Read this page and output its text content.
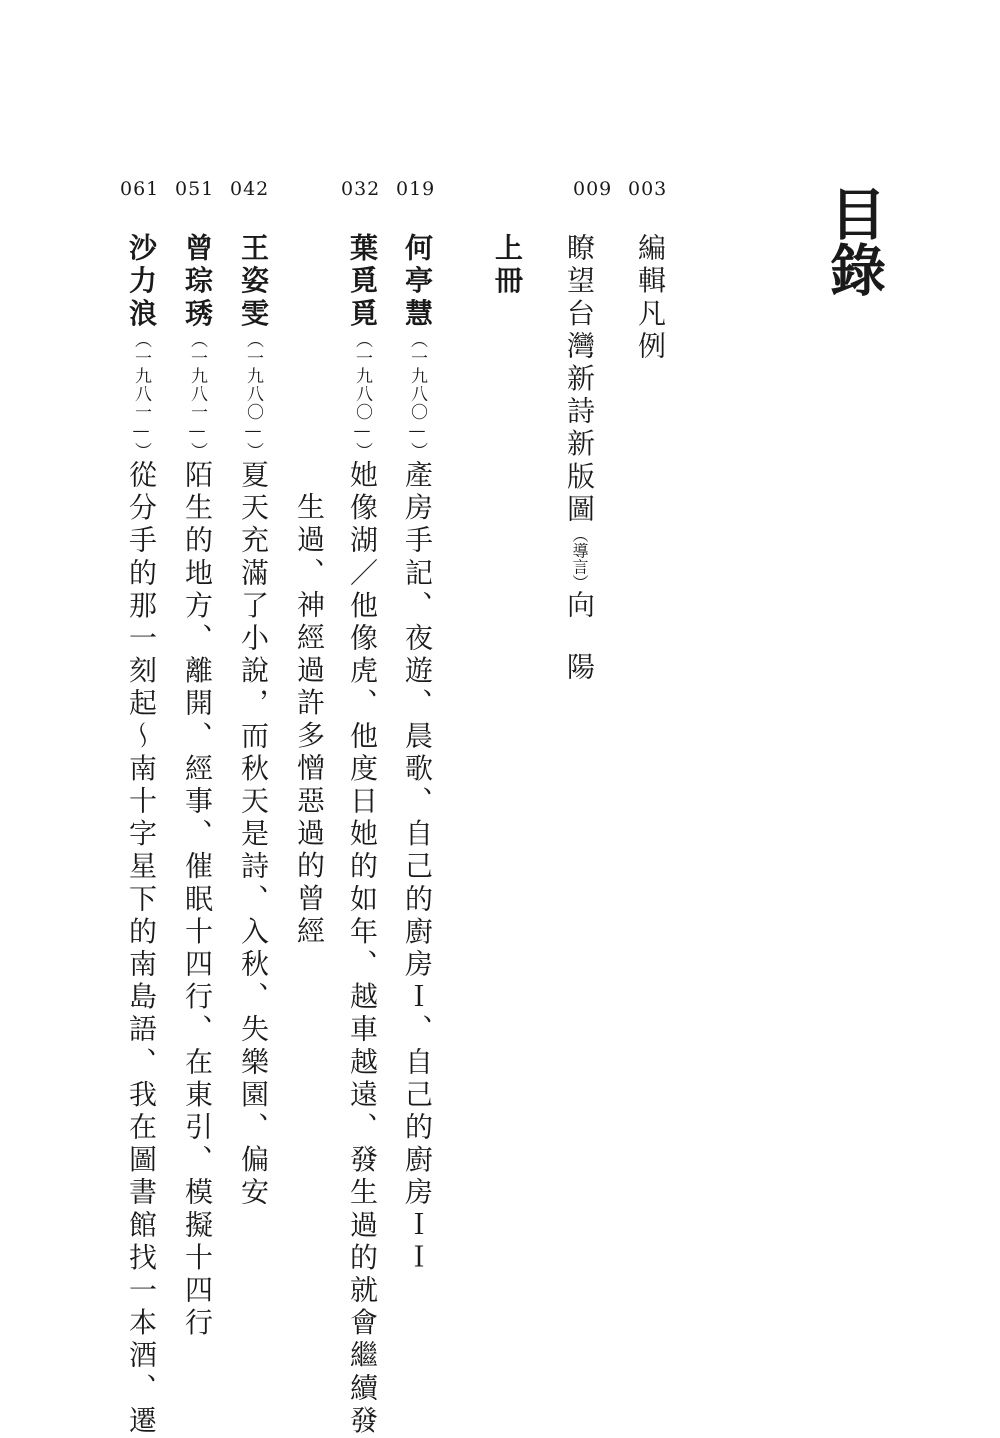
目錄
003
009
019
032
042
051
061
編輯凡例
瞭望台灣新詩新版圖（導言）向陽
上冊
何亭慧（一九八〇—）產房手記、夜遊、晨歌、自己的廚房Ｉ、自己的廚房ＩＩ
葉覓覓（一九八〇—）她像湖／他像虎、他度日她的如年、越車越遠、發生過的就會繼續發
生過、神經過許多憎惡過的曾經
王姿雯（一九八〇—）夏天充滿了小說，而秋天是詩、入秋、失樂園、偏安
曾琮琇（一九八一—）陌生的地方、離開、經事、催眠十四行、在東引、模擬十四行
沙力浪（一九八一—）從分手的那一刻起～南十字星下的南島語、我在圖書館找一本酒、遷
